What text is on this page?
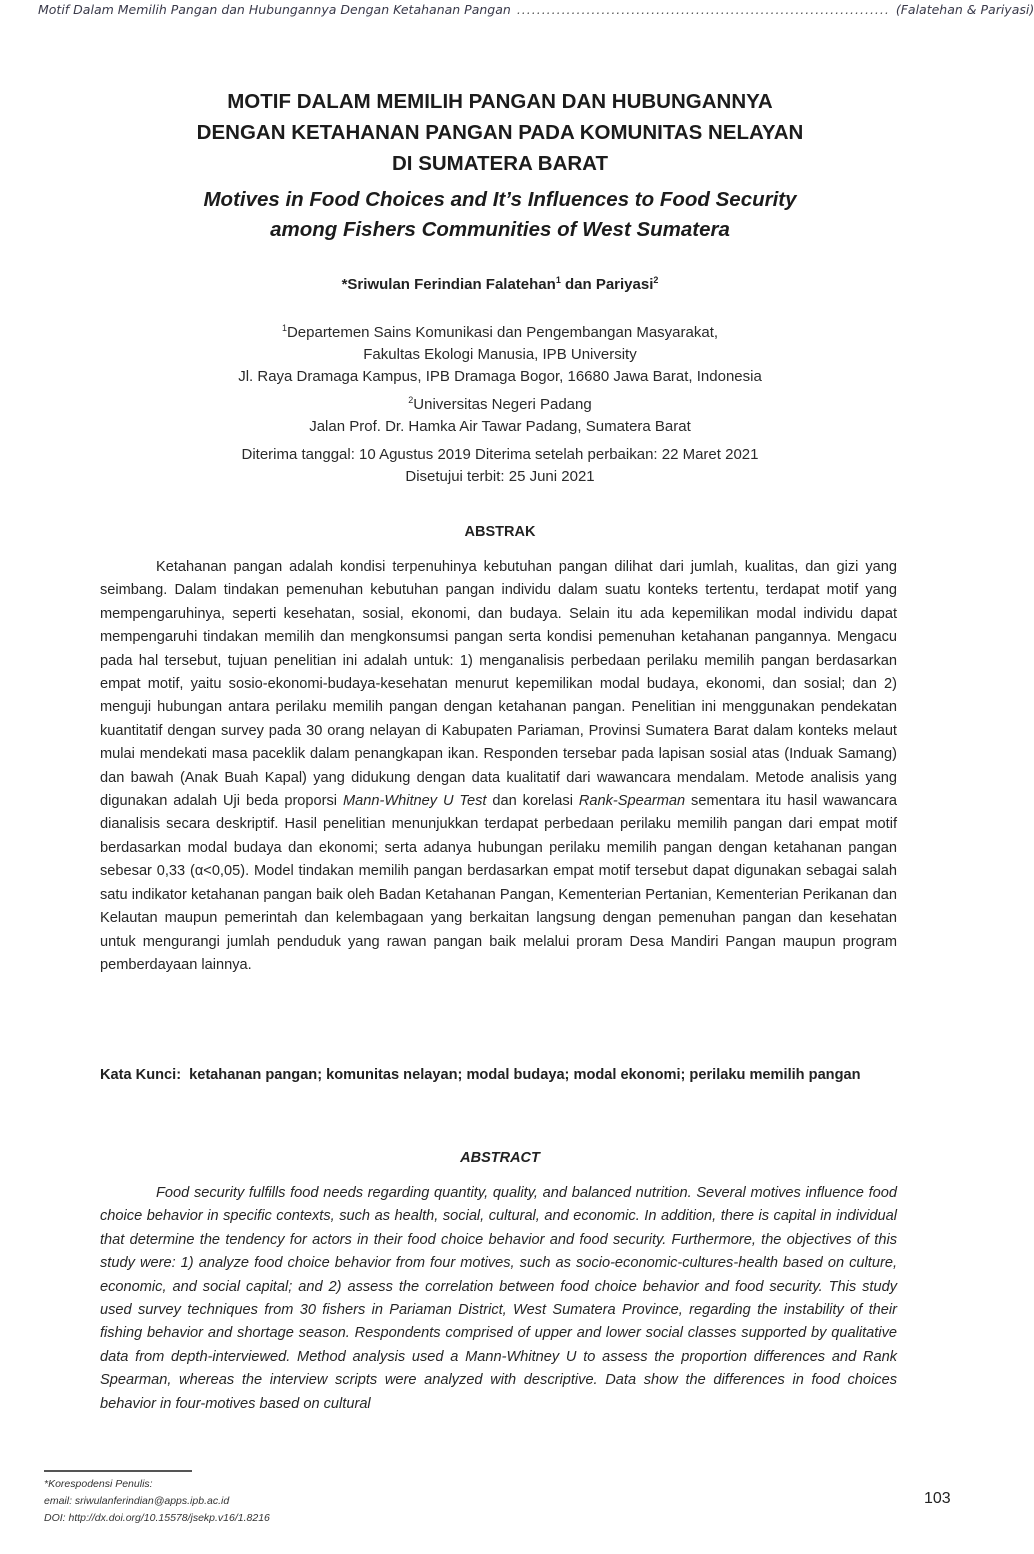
Motif Dalam Memilih Pangan dan Hubungannya Dengan Ketahanan Pangan ........................................................................... (Falatehan & Pariyasi)
MOTIF DALAM MEMILIH PANGAN DAN HUBUNGANNYA
DENGAN KETAHANAN PANGAN PADA KOMUNITAS NELAYAN
DI SUMATERA BARAT
Motives in Food Choices and It’s Influences to Food Security
among Fishers Communities of West Sumatera
*Sriwulan Ferindian Falatehan$^1$ dan Pariyasi$^2$
$^1$Departemen Sains Komunikasi dan Pengembangan Masyarakat,
Fakultas Ekologi Manusia, IPB University
Jl. Raya Dramaga Kampus, IPB Dramaga Bogor, 16680 Jawa Barat, Indonesia
$^2$Universitas Negeri Padang
Jalan Prof. Dr. Hamka Air Tawar Padang, Sumatera Barat
Diterima tanggal: 10 Agustus 2019 Diterima setelah perbaikan: 22 Maret 2021
Disetujui terbit: 25 Juni 2021
ABSTRAK
Ketahanan pangan adalah kondisi terpenuhinya kebutuhan pangan dilihat dari jumlah, kualitas, dan gizi yang seimbang. Dalam tindakan pemenuhan kebutuhan pangan individu dalam suatu konteks tertentu, terdapat motif yang mempengaruhinya, seperti kesehatan, sosial, ekonomi, dan budaya. Selain itu ada kepemilikan modal individu dapat mempengaruhi tindakan memilih dan mengkonsumsi pangan serta kondisi pemenuhan ketahanan pangannya. Mengacu pada hal tersebut, tujuan penelitian ini adalah untuk: 1) menganalisis perbedaan perilaku memilih pangan berdasarkan empat motif, yaitu sosio-ekonomi-budaya-kesehatan menurut kepemilikan modal budaya, ekonomi, dan sosial; dan 2) menguji hubungan antara perilaku memilih pangan dengan ketahanan pangan. Penelitian ini menggunakan pendekatan kuantitatif dengan survey pada 30 orang nelayan di Kabupaten Pariaman, Provinsi Sumatera Barat dalam konteks melaut mulai mendekati masa paceklik dalam penangkapan ikan. Responden tersebar pada lapisan sosial atas (Induak Samang) dan bawah (Anak Buah Kapal) yang didukung dengan data kualitatif dari wawancara mendalam. Metode analisis yang digunakan adalah Uji beda proporsi Mann-Whitney U Test dan korelasi Rank-Spearman sementara itu hasil wawancara dianalisis secara deskriptif. Hasil penelitian menunjukkan terdapat perbedaan perilaku memilih pangan dari empat motif berdasarkan modal budaya dan ekonomi; serta adanya hubungan perilaku memilih pangan dengan ketahanan pangan sebesar 0,33 (α<0,05). Model tindakan memilih pangan berdasarkan empat motif tersebut dapat digunakan sebagai salah satu indikator ketahanan pangan baik oleh Badan Ketahanan Pangan, Kementerian Pertanian, Kementerian Perikanan dan Kelautan maupun pemerintah dan kelembagaan yang berkaitan langsung dengan pemenuhan pangan dan kesehatan untuk mengurangi jumlah penduduk yang rawan pangan baik melalui proram Desa Mandiri Pangan maupun program pemberdayaan lainnya.
Kata Kunci: ketahanan pangan; komunitas nelayan; modal budaya; modal ekonomi; perilaku memilih pangan
ABSTRACT
Food security fulfills food needs regarding quantity, quality, and balanced nutrition. Several motives influence food choice behavior in specific contexts, such as health, social, cultural, and economic. In addition, there is capital in individual that determine the tendency for actors in their food choice behavior and food security. Furthermore, the objectives of this study were: 1) analyze food choice behavior from four motives, such as socio-economic-cultures-health based on culture, economic, and social capital; and 2) assess the correlation between food choice behavior and food security. This study used survey techniques from 30 fishers in Pariaman District, West Sumatera Province, regarding the instability of their fishing behavior and shortage season. Respondents comprised of upper and lower social classes supported by qualitative data from depth-interviewed. Method analysis used a Mann-Whitney U to assess the proportion differences and Rank Spearman, whereas the interview scripts were analyzed with descriptive. Data show the differences in food choices behavior in four-motives based on cultural
*Korespodensi Penulis:
email: sriwulanferindian@apps.ipb.ac.id
DOI: http://dx.doi.org/10.15578/jsekp.v16/1.8216
103
